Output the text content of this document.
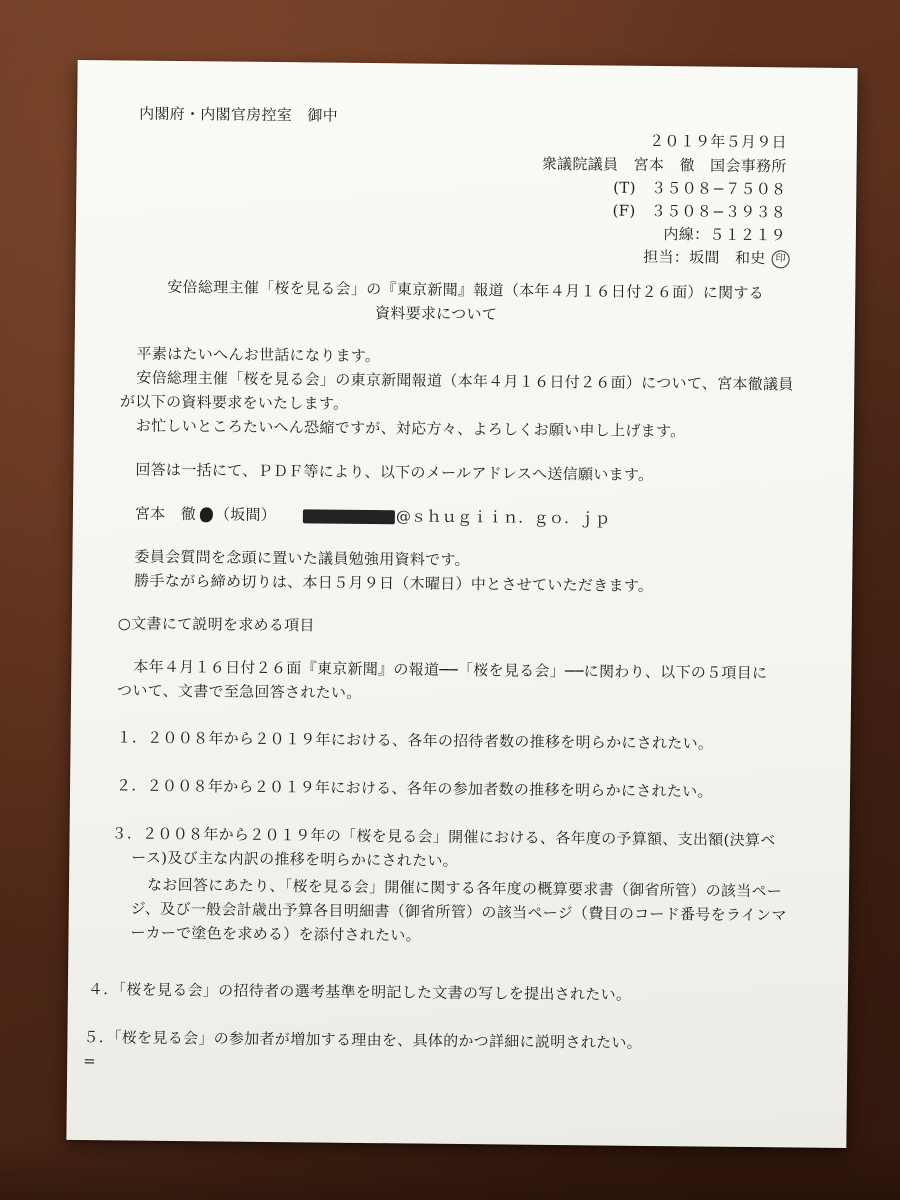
内閣府・内閣官房控室　御中
２０１９年５月９日
衆議院議員　宮本　徹　国会事務所
(T)　３５０８−７５０８
(F)　３５０８−３９３８
内線：５１２１９
担当：坂間　和史 印
安倍総理主催「桜を見る会」の『東京新聞』報道（本年４月１６日付２６面）に関する
資料要求について
平素はたいへんお世話になります。
安倍総理主催「桜を見る会」の東京新聞報道（本年４月１６日付２６面）について、宮本徹議員
が以下の資料要求をいたします。
お忙しいところたいへん恐縮ですが、対応方々、よろしくお願い申し上げます。
回答は一括にて、ＰＤＦ等により、以下のメールアドレスへ送信願います。
宮本　徹 （坂間）	@ｓｈｕｇｉｉｎ．ｇｏ．ｊｐ
委員会質問を念頭に置いた議員勉強用資料です。
勝手ながら締め切りは、本日５月９日（木曜日）中とさせていただきます。
○文書にて説明を求める項目
本年４月１６日付２６面『東京新聞』の報道──「桜を見る会」──に関わり、以下の５項目に
ついて、文書で至急回答されたい。
１．２００８年から２０１９年における、各年の招待者数の推移を明らかにされたい。
２．２００８年から２０１９年における、各年の参加者数の推移を明らかにされたい。
３．２００８年から２０１９年の「桜を見る会」開催における、各年度の予算額、支出額(決算ベ
ース)及び主な内訳の推移を明らかにされたい。
なお回答にあたり、「桜を見る会」開催に関する各年度の概算要求書（御省所管）の該当ペー
ジ、及び一般会計歳出予算各目明細書（御省所管）の該当ページ（費目のコード番号をラインマ
ーカーで塗色を求める）を添付されたい。
４．「桜を見る会」の招待者の選考基準を明記した文書の写しを提出されたい。
５．「桜を見る会」の参加者が増加する理由を、具体的かつ詳細に説明されたい。
=
